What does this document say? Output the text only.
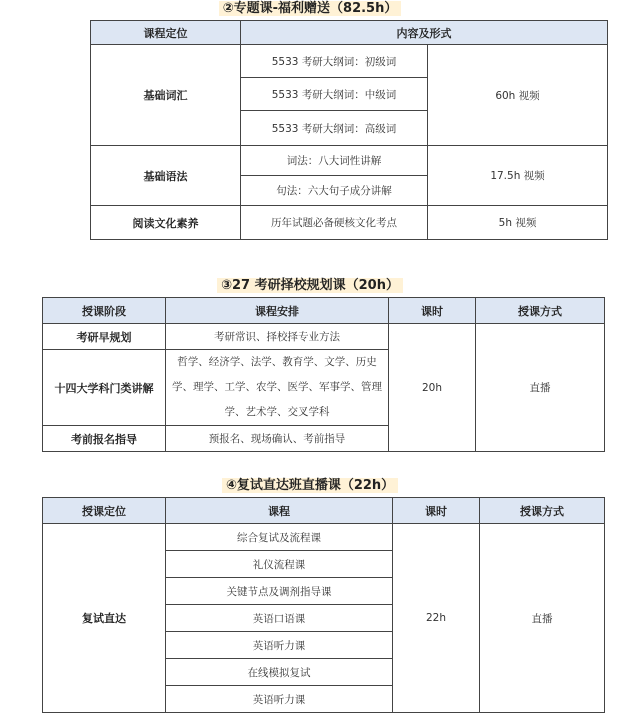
②专题课-福利赠送（82.5h）
课程定位	内容及形式	
基础词汇	5533 考研大纲词：初级词	60h 视频
	5533 考研大纲词：中级词	
	5533 考研大纲词：高级词	
基础语法	词法：八大词性讲解	17.5h 视频
	句法：六大句子成分讲解	
阅读文化素养	历年试题必备硬核文化考点	5h 视频
③27 考研择校规划课（20h）
授课阶段	课程安排	课时	授课方式
考研早规划	考研常识、择校择专业方法	20h	直播
十四大学科门类讲解	哲学、经济学、法学、教育学、文学、历史学、理学、工学、农学、医学、军事学、管理学、艺术学、交叉学科		
考前报名指导	预报名、现场确认、考前指导		
④复试直达班直播课（22h）
授课定位	课程	课时	授课方式
复试直达	综合复试及流程课	22h	直播
	礼仪流程课		
	关键节点及调剂指导课		
	英语口语课		
	英语听力课		
	在线模拟复试		
	英语听力课		
